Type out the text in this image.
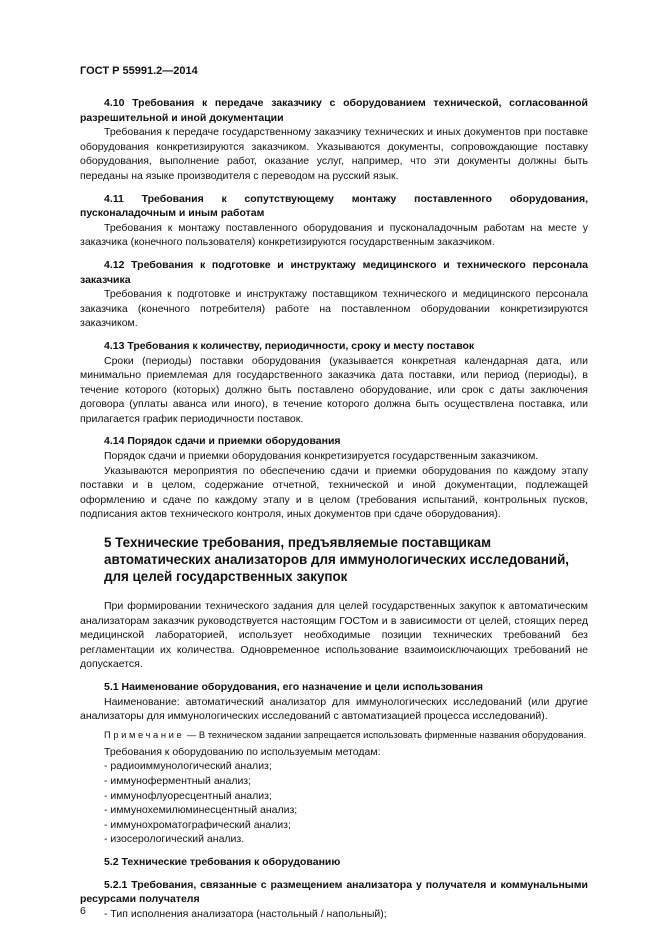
ГОСТ Р 55991.2—2014

4.10 Требования к передаче заказчику с оборудованием технической, согласованной разрешительной и иной документации

Требования к передаче государственному заказчику технических и иных документов при поставке оборудования конкретизируются заказчиком. Указываются документы, сопровождающие поставку оборудования, выполнение работ, оказание услуг, например, что эти документы должны быть переданы на языке производителя с переводом на русский язык.

4.11 Требования к сопутствующему монтажу поставленного оборудования, пусконаладочным и иным работам

Требования к монтажу поставленного оборудования и пусконаладочным работам на месте у заказчика (конечного пользователя) конкретизируются государственным заказчиком.

4.12 Требования к подготовке и инструктажу медицинского и технического персонала заказчика

Требования к подготовке и инструктажу поставщиком технического и медицинского персонала заказчика (конечного потребителя) работе на поставленном оборудовании конкретизируются заказчиком.

4.13 Требования к количеству, периодичности, сроку и месту поставок

Сроки (периоды) поставки оборудования (указывается конкретная календарная дата, или минимально приемлемая для государственного заказчика дата поставки, или период (периоды), в течение которого (которых) должно быть поставлено оборудование, или срок с даты заключения договора (уплаты аванса или иного), в течение которого должна быть осуществлена поставка, или прилагается график периодичности поставок.

4.14 Порядок сдачи и приемки оборудования

Порядок сдачи и приемки оборудования конкретизируется государственным заказчиком.

Указываются мероприятия по обеспечению сдачи и приемки оборудования по каждому этапу поставки и в целом, содержание отчетной, технической и иной документации, подлежащей оформлению и сдаче по каждому этапу и в целом (требования испытаний, контрольных пусков, подписания актов технического контроля, иных документов при сдаче оборудования).

5 Технические требования, предъявляемые поставщикам автоматических анализаторов для иммунологических исследований, для целей государственных закупок

При формировании технического задания для целей государственных закупок к автоматическим анализаторам заказчик руководствуется настоящим ГОСТом и в зависимости от целей, стоящих перед медицинской лабораторией, использует необходимые позиции технических требований без регламентации их количества. Одновременное использование взаимоисключающих требований не допускается.

5.1 Наименование оборудования, его назначение и цели использования

Наименование: автоматический анализатор для иммунологических исследований (или другие анализаторы для иммунологических исследований с автоматизацией процесса исследований).

Примечание — В техническом задании запрещается использовать фирменные названия оборудования.

Требования к оборудованию по используемым методам:

- радиоиммунологический анализ;
- иммуноферментный анализ;
- иммунофлуоресцентный анализ;
- иммунохемилюминесцентный анализ;
- иммунохроматографический анализ;
- изосерологический анализ.

5.2 Технические требования к оборудованию

5.2.1 Требования, связанные с размещением анализатора у получателя и коммунальными ресурсами получателя

- Тип исполнения анализатора (настольный / напольный);

6
